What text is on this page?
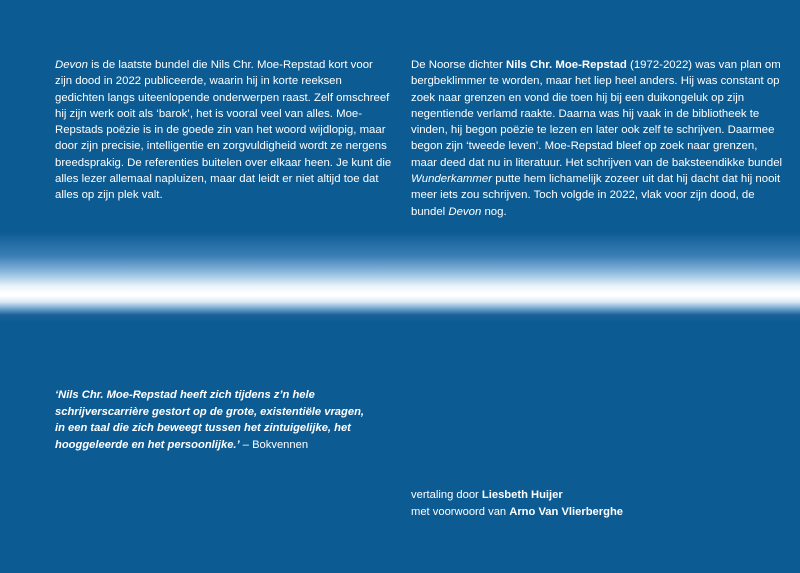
Devon is de laatste bundel die Nils Chr. Moe-Repstad kort voor zijn dood in 2022 publiceerde, waarin hij in korte reeksen gedichten langs uiteenlopende onderwerpen raast. Zelf omschreef hij zijn werk ooit als ‘barok’, het is vooral veel van alles. Moe-Repstads poëzie is in de goede zin van het woord wijdlopig, maar door zijn precisie, intelligentie en zorgvuldigheid wordt ze nergens breedsprakig. De referenties buitelen over elkaar heen. Je kunt die alles lezer allemaal napluizen, maar dat leidt er niet altijd toe dat alles op zijn plek valt.

De Noorse dichter Nils Chr. Moe-Repstad (1972-2022) was van plan om bergbeklimmer te worden, maar het liep heel anders. Hij was constant op zoek naar grenzen en vond die toen hij bij een duikongeluk op zijn negentiende verlamd raakte. Daarna was hij vaak in de bibliotheek te vinden, hij begon poëzie te lezen en later ook zelf te schrijven. Daarmee begon zijn ‘tweede leven’. Moe-Repstad bleef op zoek naar grenzen, maar deed dat nu in literatuur. Het schrijven van de baksteendikke bundel Wunderkammer putte hem lichamelijk zozeer uit dat hij dacht dat hij nooit meer iets zou schrijven. Toch volgde in 2022, vlak voor zijn dood, de bundel Devon nog.

‘Nils Chr. Moe-Repstad heeft zich tijdens z’n hele schrijverscarrière gestort op de grote, existentiële vragen, in een taal die zich beweegt tussen het zintuigelijke, het hooggeleerde en het persoonlijke.’ – Bokvennen

vertaling door Liesbeth Huijer
met voorwoord van Arno Van Vlierberghe
